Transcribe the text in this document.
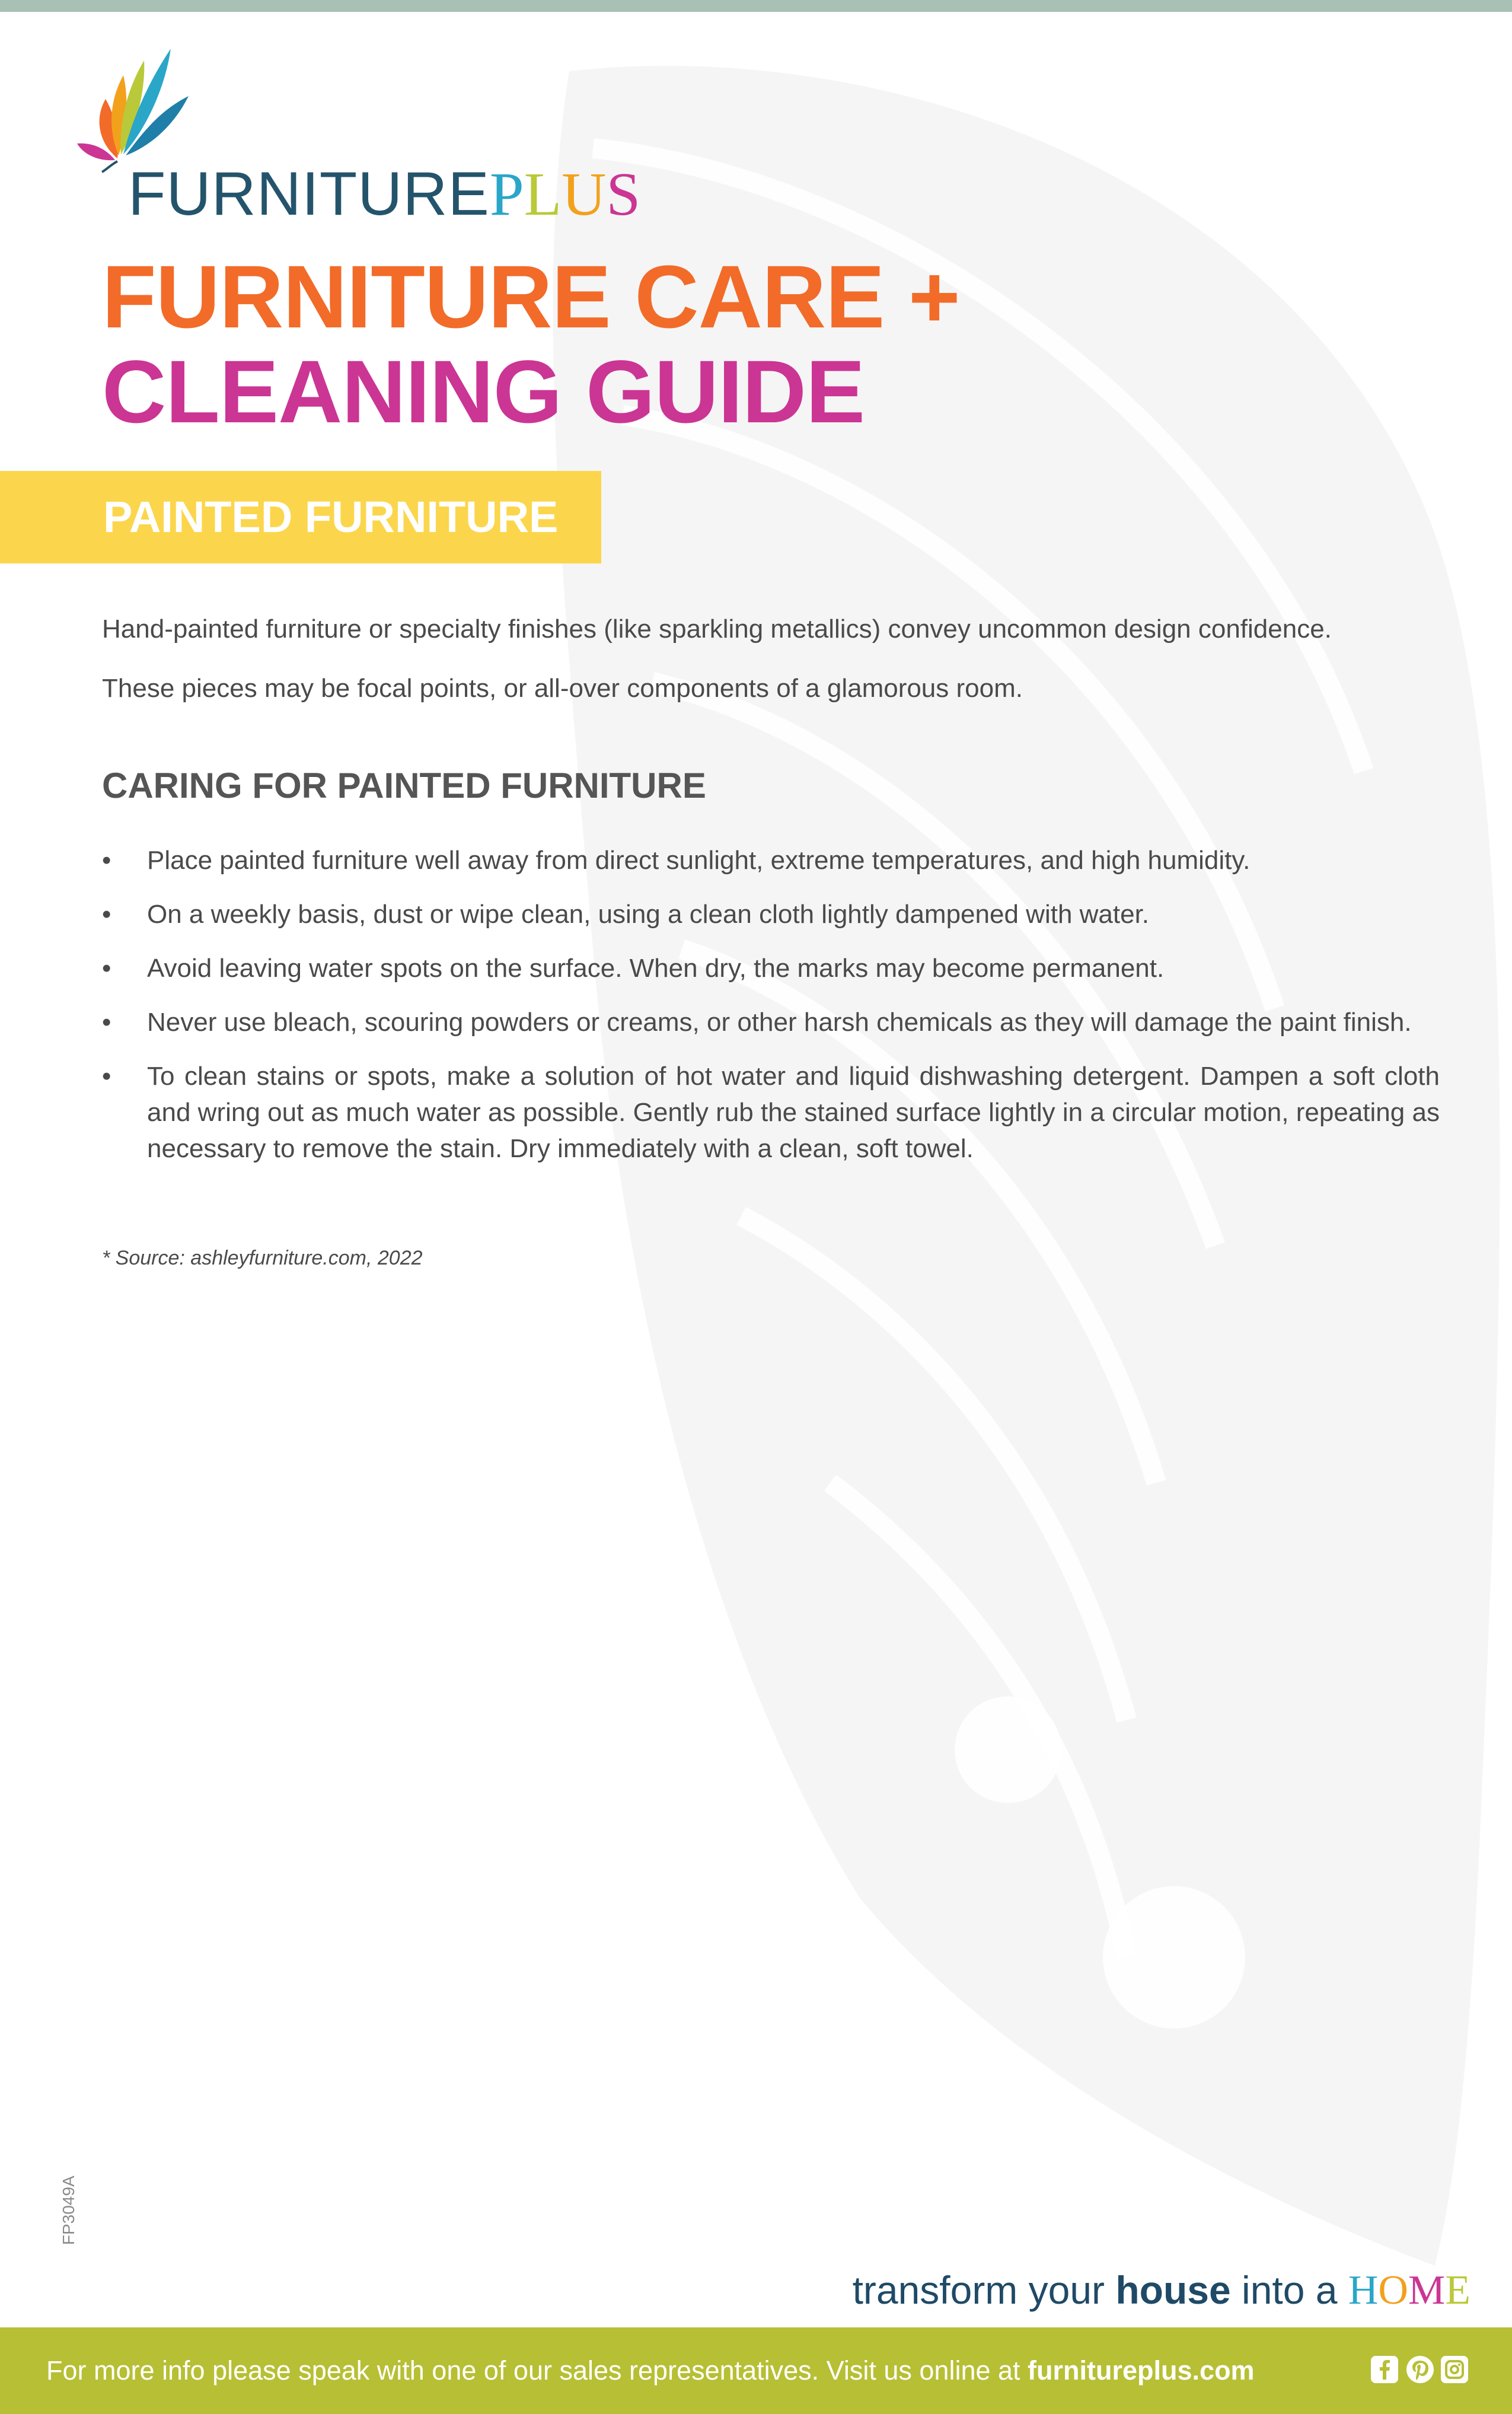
FURNITUREPLUS
FURNITURE CARE +
CLEANING GUIDE
PAINTED FURNITURE

Hand-painted furniture or specialty finishes (like sparkling metallics) convey uncommon design confidence.

These pieces may be focal points, or all-over components of a glamorous room.

CARING FOR PAINTED FURNITURE
• Place painted furniture well away from direct sunlight, extreme temperatures, and high humidity.
• On a weekly basis, dust or wipe clean, using a clean cloth lightly dampened with water.
• Avoid leaving water spots on the surface. When dry, the marks may become permanent.
• Never use bleach, scouring powders or creams, or other harsh chemicals as they will damage the paint finish.
• To clean stains or spots, make a solution of hot water and liquid dishwashing detergent. Dampen a soft cloth and wring out as much water as possible. Gently rub the stained surface lightly in a circular motion, repeating as necessary to remove the stain. Dry immediately with a clean, soft towel.
* Source: ashleyfurniture.com, 2022
FP3049A
transform your house into a HOME
For more info please speak with one of our sales representatives. Visit us online at furnitureplus.com
